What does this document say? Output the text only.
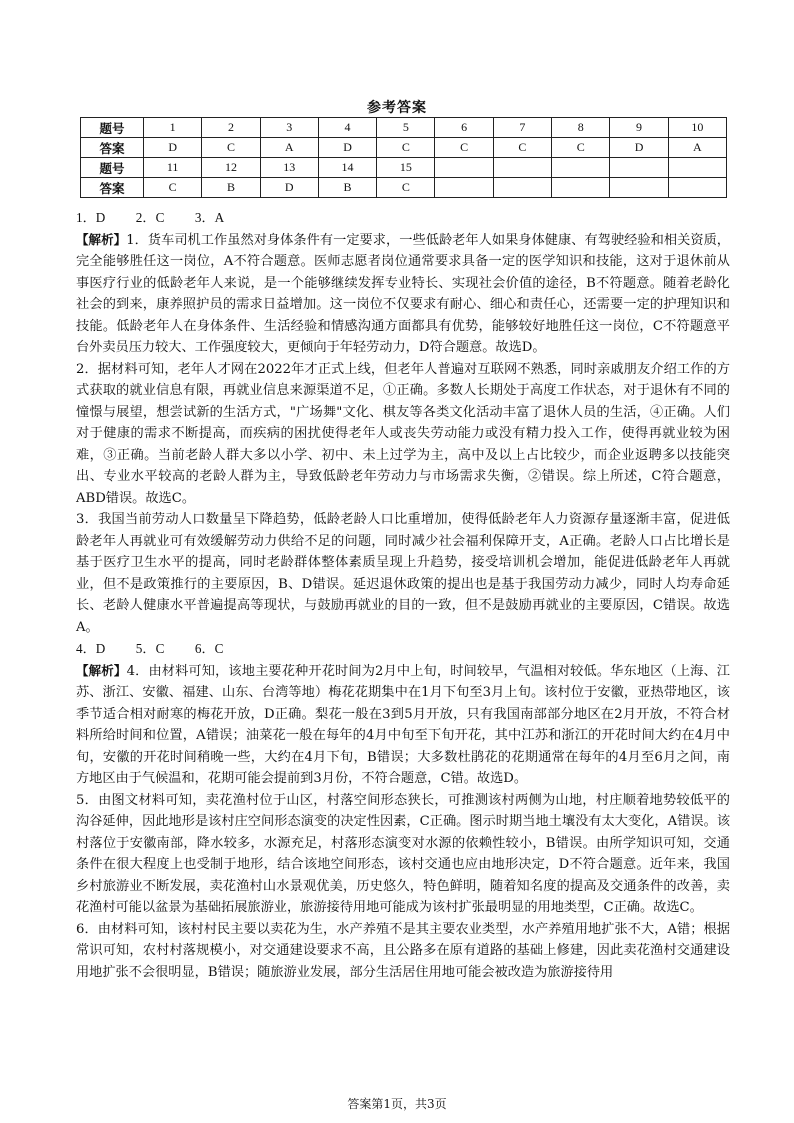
参考答案
题号	1	2	3	4	5	6	7	8	9	10
答案	D	C	A	D	C	C	C	C	D	A
题号	11	12	13	14	15					
答案	C	B	D	B	C					

1．D　 2．C　 3．A

【解析】1．货车司机工作虽然对身体条件有一定要求，一些低龄老年人如果身体健康、有驾驶经验和相关资质，完全能够胜任这一岗位，A不符合题意。医师志愿者岗位通常要求具备一定的医学知识和技能，这对于退休前从事医疗行业的低龄老年人来说，是一个能够继续发挥专业特长、实现社会价值的途径，B不符题意。随着老龄化社会的到来，康养照护员的需求日益增加。这一岗位不仅要求有耐心、细心和责任心，还需要一定的护理知识和技能。低龄老年人在身体条件、生活经验和情感沟通方面都具有优势，能够较好地胜任这一岗位，C不符题意平台外卖员压力较大、工作强度较大，更倾向于年轻劳动力，D符合题意。故选D。

2．据材料可知，老年人才网在2022年才正式上线，但老年人普遍对互联网不熟悉，同时亲戚朋友介绍工作的方式获取的就业信息有限，再就业信息来源渠道不足，①正确。多数人长期处于高度工作状态，对于退休有不同的憧憬与展望，想尝试新的生活方式，"广场舞"文化、棋友等各类文化活动丰富了退休人员的生活，④正确。人们对于健康的需求不断提高，而疾病的困扰使得老年人或丧失劳动能力或没有精力投入工作，使得再就业较为困难，③正确。当前老龄人群大多以小学、初中、未上过学为主，高中及以上占比较少，而企业返聘多以技能突出、专业水平较高的老龄人群为主，导致低龄老年劳动力与市场需求失衡，②错误。综上所述，C符合题意，ABD错误。故选C。

3．我国当前劳动人口数量呈下降趋势，低龄老龄人口比重增加，使得低龄老年人力资源存量逐渐丰富，促进低龄老年人再就业可有效缓解劳动力供给不足的问题，同时减少社会福利保障开支，A正确。老龄人口占比增长是基于医疗卫生水平的提高，同时老龄群体整体素质呈现上升趋势，接受培训机会增加，能促进低龄老年人再就业，但不是政策推行的主要原因，B、D错误。延迟退休政策的提出也是基于我国劳动力减少，同时人均寿命延长、老龄人健康水平普遍提高等现状，与鼓励再就业的目的一致，但不是鼓励再就业的主要原因，C错误。故选A。

4．D　 5．C　 6．C

【解析】4．由材料可知，该地主要花种开花时间为2月中上旬，时间较早，气温相对较低。华东地区（上海、江苏、浙江、安徽、福建、山东、台湾等地）梅花花期集中在1月下旬至3月上旬。该村位于安徽，亚热带地区，该季节适合相对耐寒的梅花开放，D正确。梨花一般在3到5月开放，只有我国南部部分地区在2月开放，不符合材料所给时间和位置，A错误；油菜花一般在每年的4月中旬至下旬开花，其中江苏和浙江的开花时间大约在4月中旬，安徽的开花时间稍晚一些，大约在4月下旬，B错误；大多数杜鹃花的花期通常在每年的4月至6月之间，南方地区由于气候温和，花期可能会提前到3月份，不符合题意，C错。故选D。

5．由图文材料可知，卖花渔村位于山区，村落空间形态狭长，可推测该村两侧为山地，村庄顺着地势较低平的沟谷延伸，因此地形是该村庄空间形态演变的决定性因素，C正确。图示时期当地土壤没有太大变化，A错误。该村落位于安徽南部，降水较多，水源充足，村落形态演变对水源的依赖性较小，B错误。由所学知识可知，交通条件在很大程度上也受制于地形，结合该地空间形态，该村交通也应由地形决定，D不符合题意。近年来，我国乡村旅游业不断发展，卖花渔村山水景观优美，历史悠久，特色鲜明，随着知名度的提高及交通条件的改善，卖花渔村可能以盆景为基础拓展旅游业，旅游接待用地可能成为该村扩张最明显的用地类型，C正确。故选C。

6．由材料可知，该村村民主要以卖花为生，水产养殖不是其主要农业类型，水产养殖用地扩张不大，A错；根据常识可知，农村村落规模小，对交通建设要求不高，且公路多在原有道路的基础上修建，因此卖花渔村交通建设用地扩张不会很明显，B错误；随旅游业发展，部分生活居住用地可能会被改造为旅游接待用

答案第1页，共3页
